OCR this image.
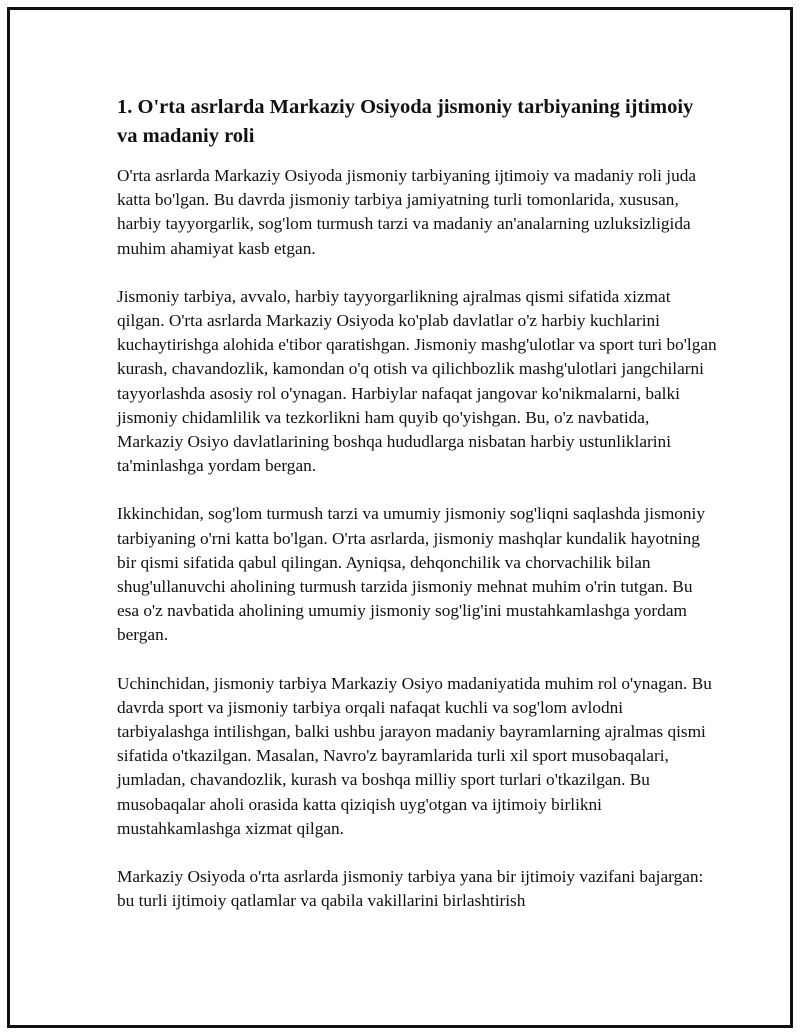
1. O'rta asrlarda Markaziy Osiyoda jismoniy tarbiyaning ijtimoiy va madaniy roli

O'rta asrlarda Markaziy Osiyoda jismoniy tarbiyaning ijtimoiy va madaniy roli juda katta bo'lgan. Bu davrda jismoniy tarbiya jamiyatning turli tomonlarida, xususan, harbiy tayyorgarlik, sog'lom turmush tarzi va madaniy an'analarning uzluksizligida muhim ahamiyat kasb etgan.

Jismoniy tarbiya, avvalo, harbiy tayyorgarlikning ajralmas qismi sifatida xizmat qilgan. O'rta asrlarda Markaziy Osiyoda ko'plab davlatlar o'z harbiy kuchlarini kuchaytirishga alohida e'tibor qaratishgan. Jismoniy mashg'ulotlar va sport turi bo'lgan kurash, chavandozlik, kamondan o'q otish va qilichbozlik mashg'ulotlari jangchilarni tayyorlashda asosiy rol o'ynagan. Harbiylar nafaqat jangovar ko'nikmalarni, balki jismoniy chidamlilik va tezkorlikni ham quyib qo'yishgan. Bu, o'z navbatida, Markaziy Osiyo davlatlarining boshqa hududlarga nisbatan harbiy ustunliklarini ta'minlashga yordam bergan.

Ikkinchidan, sog'lom turmush tarzi va umumiy jismoniy sog'liqni saqlashda jismoniy tarbiyaning o'rni katta bo'lgan. O'rta asrlarda, jismoniy mashqlar kundalik hayotning bir qismi sifatida qabul qilingan. Ayniqsa, dehqonchilik va chorvachilik bilan shug'ullanuvchi aholining turmush tarzida jismoniy mehnat muhim o'rin tutgan. Bu esa o'z navbatida aholining umumiy jismoniy sog'lig'ini mustahkamlashga yordam bergan.

Uchinchidan, jismoniy tarbiya Markaziy Osiyo madaniyatida muhim rol o'ynagan. Bu davrda sport va jismoniy tarbiya orqali nafaqat kuchli va sog'lom avlodni tarbiyalashga intilishgan, balki ushbu jarayon madaniy bayramlarning ajralmas qismi sifatida o'tkazilgan. Masalan, Navro'z bayramlarida turli xil sport musobaqalari, jumladan, chavandozlik, kurash va boshqa milliy sport turlari o'tkazilgan. Bu musobaqalar aholi orasida katta qiziqish uyg'otgan va ijtimoiy birlikni mustahkamlashga xizmat qilgan.

Markaziy Osiyoda o'rta asrlarda jismoniy tarbiya yana bir ijtimoiy vazifani bajargan: bu turli ijtimoiy qatlamlar va qabila vakillarini birlashtirish
